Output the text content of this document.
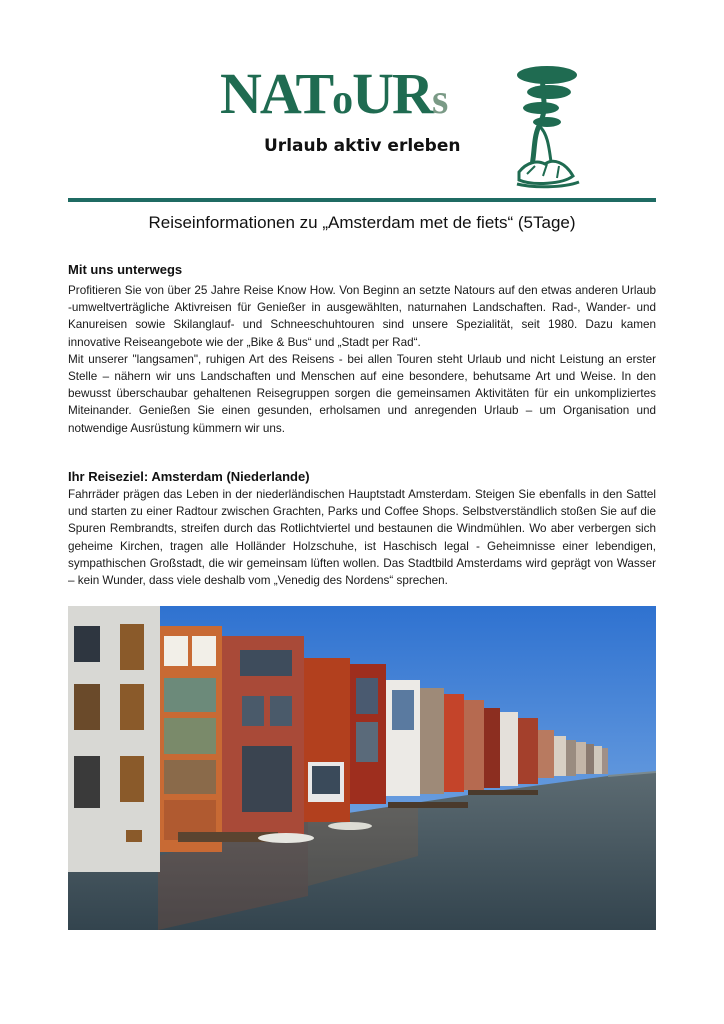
NAToURs
Urlaub aktiv erleben
Reiseinformationen zu „Amsterdam met de fiets“ (5Tage)
Mit uns unterwegs

Profitieren Sie von über 25 Jahre Reise Know How. Von Beginn an setzte Natours auf den etwas anderen Urlaub -umweltverträgliche Aktivreisen für Genießer in ausgewählten, naturnahen Landschaften. Rad-, Wander- und Kanureisen sowie Skilanglauf- und Schneeschuhtouren sind unsere Spezialität, seit 1980. Dazu kamen innovative Reiseangebote wie der „Bike & Bus“ und „Stadt per Rad“.

Mit unserer "langsamen", ruhigen Art des Reisens - bei allen Touren steht Urlaub und nicht Leistung an erster Stelle – nähern wir uns Landschaften und Menschen auf eine besondere, behutsame Art und Weise. In den bewusst überschaubar gehaltenen Reisegruppen sorgen die gemeinsamen Aktivitäten für ein unkompliziertes Miteinander. Genießen Sie einen gesunden, erholsamen und anregenden Urlaub – um Organisation und notwendige Ausrüstung kümmern wir uns.

Ihr Reiseziel: Amsterdam (Niederlande)

Fahrräder prägen das Leben in der niederländischen Hauptstadt Amsterdam. Steigen Sie ebenfalls in den Sattel und starten zu einer Radtour zwischen Grachten, Parks und Coffee Shops. Selbstverständlich stoßen Sie auf die Spuren Rembrandts, streifen durch das Rotlichtviertel und bestaunen die Windmühlen. Wo aber verbergen sich geheime Kirchen, tragen alle Holländer Holzschuhe, ist Haschisch legal - Geheimnisse einer lebendigen, sympathischen Großstadt, die wir gemeinsam lüften wollen. Das Stadtbild Amsterdams wird geprägt von Wasser – kein Wunder, dass viele deshalb vom „Venedig des Nordens“ sprechen.
